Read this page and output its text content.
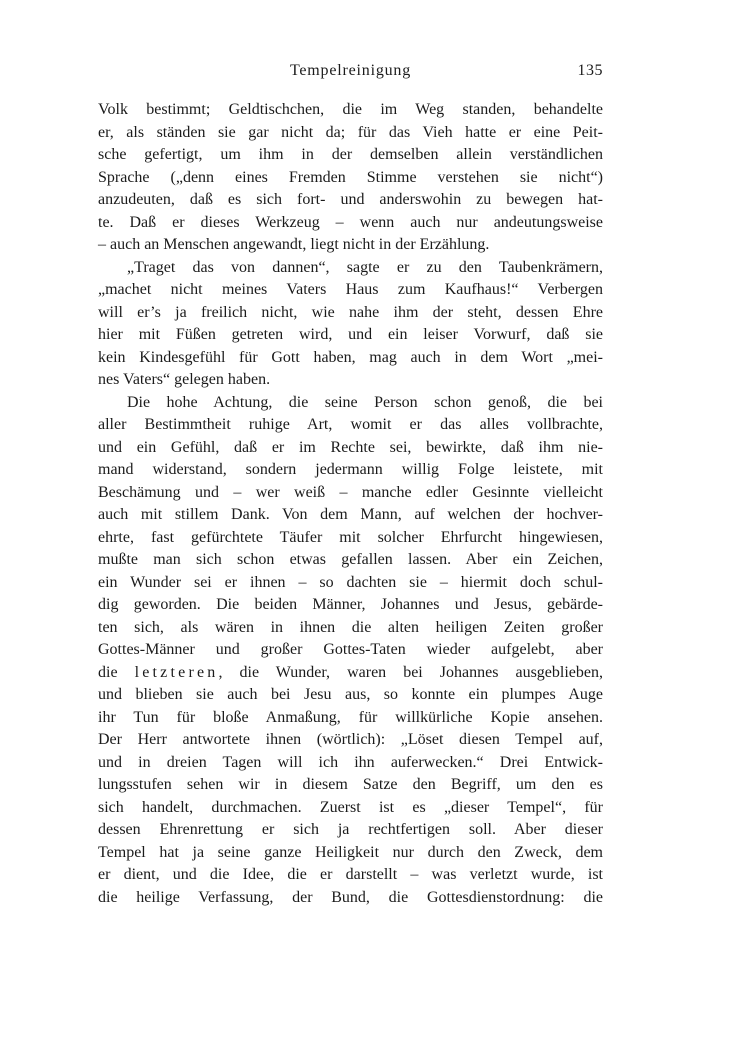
Tempelreinigung	135
Volk bestimmt; Geldtischchen, die im Weg standen, behandelte
er, als ständen sie gar nicht da; für das Vieh hatte er eine Peit-
sche gefertigt, um ihm in der demselben allein verständlichen
Sprache („denn eines Fremden Stimme verstehen sie nicht“)
anzudeuten, daß es sich fort- und anderswohin zu bewegen hat-
te. Daß er dieses Werkzeug – wenn auch nur andeutungsweise
– auch an Menschen angewandt, liegt nicht in der Erzählung.
„Traget das von dannen“, sagte er zu den Taubenkrämern,
„machet nicht meines Vaters Haus zum Kaufhaus!“ Verbergen
will er’s ja freilich nicht, wie nahe ihm der steht, dessen Ehre
hier mit Füßen getreten wird, und ein leiser Vorwurf, daß sie
kein Kindesgefühl für Gott haben, mag auch in dem Wort „mei-
nes Vaters“ gelegen haben.
Die hohe Achtung, die seine Person schon genoß, die bei
aller Bestimmtheit ruhige Art, womit er das alles vollbrachte,
und ein Gefühl, daß er im Rechte sei, bewirkte, daß ihm nie-
mand widerstand, sondern jedermann willig Folge leistete, mit
Beschämung und – wer weiß – manche edler Gesinnte vielleicht
auch mit stillem Dank. Von dem Mann, auf welchen der hochver-
ehrte, fast gefürchtete Täufer mit solcher Ehrfurcht hingewiesen,
mußte man sich schon etwas gefallen lassen. Aber ein Zeichen,
ein Wunder sei er ihnen – so dachten sie – hiermit doch schul-
dig geworden. Die beiden Männer, Johannes und Jesus, gebärde-
ten sich, als wären in ihnen die alten heiligen Zeiten großer
Gottes-Männer und großer Gottes-Taten wieder aufgelebt, aber
die l e t z t e r e n , die Wunder, waren bei Johannes ausgeblieben,
und blieben sie auch bei Jesu aus, so konnte ein plumpes Auge
ihr Tun für bloße Anmaßung, für willkürliche Kopie ansehen.
Der Herr antwortete ihnen (wörtlich): „Löset diesen Tempel auf,
und in dreien Tagen will ich ihn auferwecken.“ Drei Entwick-
lungsstufen sehen wir in diesem Satze den Begriff, um den es
sich handelt, durchmachen. Zuerst ist es „dieser Tempel“, für
dessen Ehrenrettung er sich ja rechtfertigen soll. Aber dieser
Tempel hat ja seine ganze Heiligkeit nur durch den Zweck, dem
er dient, und die Idee, die er darstellt – was verletzt wurde, ist
die heilige Verfassung, der Bund, die Gottesdienstordnung: die
